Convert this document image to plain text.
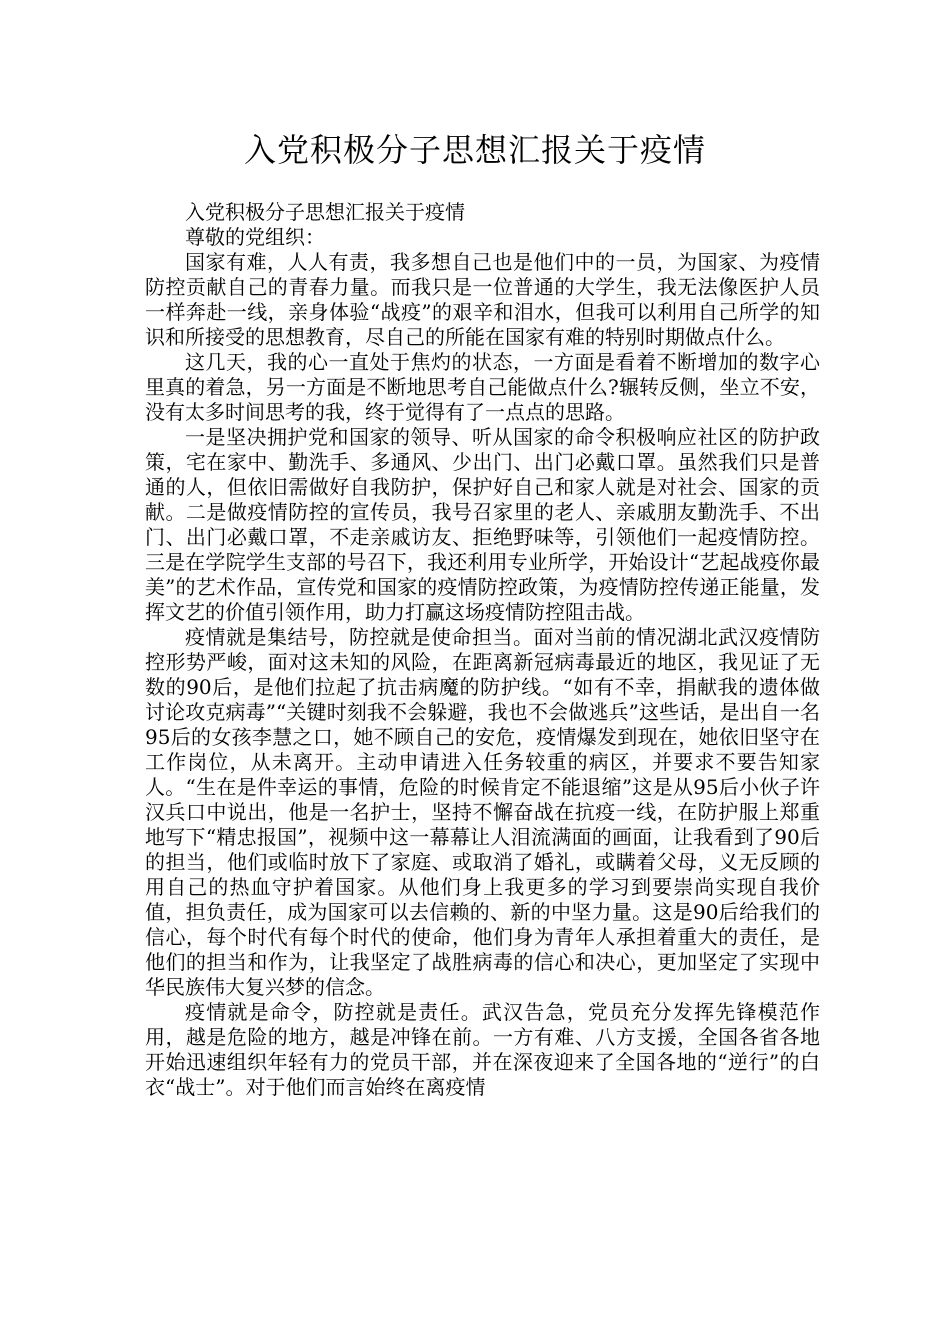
入党积极分子思想汇报关于疫情

入党积极分子思想汇报关于疫情

尊敬的党组织：

国家有难，人人有责，我多想自己也是他们中的一员，为国家、为疫情防控贡献自己的青春力量。而我只是一位普通的大学生，我无法像医护人员一样奔赴一线，亲身体验“战疫”的艰辛和泪水，但我可以利用自己所学的知识和所接受的思想教育，尽自己的所能在国家有难的特别时期做点什么。

这几天，我的心一直处于焦灼的状态，一方面是看着不断增加的数字心里真的着急，另一方面是不断地思考自己能做点什么?辗转反侧，坐立不安，没有太多时间思考的我，终于觉得有了一点点的思路。

一是坚决拥护党和国家的领导、听从国家的命令积极响应社区的防护政策，宅在家中、勤洗手、多通风、少出门、出门必戴口罩。虽然我们只是普通的人，但依旧需做好自我防护，保护好自己和家人就是对社会、国家的贡献。二是做疫情防控的宣传员，我号召家里的老人、亲戚朋友勤洗手、不出门、出门必戴口罩，不走亲戚访友、拒绝野味等，引领他们一起疫情防控。三是在学院学生支部的号召下，我还利用专业所学，开始设计“艺起战疫你最美”的艺术作品，宣传党和国家的疫情防控政策，为疫情防控传递正能量，发挥文艺的价值引领作用，助力打赢这场疫情防控阻击战。

疫情就是集结号，防控就是使命担当。面对当前的情况湖北武汉疫情防控形势严峻，面对这未知的风险，在距离新冠病毒最近的地区，我见证了无数的90后，是他们拉起了抗击病魔的防护线。“如有不幸，捐献我的遗体做讨论攻克病毒”“关键时刻我不会躲避，我也不会做逃兵”这些话，是出自一名95后的女孩李慧之口，她不顾自己的安危，疫情爆发到现在，她依旧坚守在工作岗位，从未离开。主动申请进入任务较重的病区，并要求不要告知家人。“生在是件幸运的事情，危险的时候肯定不能退缩”这是从95后小伙子许汉兵口中说出，他是一名护士，坚持不懈奋战在抗疫一线，在防护服上郑重地写下“精忠报国”，视频中这一幕幕让人泪流满面的画面，让我看到了90后的担当，他们或临时放下了家庭、或取消了婚礼，或瞒着父母，义无反顾的用自己的热血守护着国家。从他们身上我更多的学习到要崇尚实现自我价值，担负责任，成为国家可以去信赖的、新的中坚力量。这是90后给我们的信心，每个时代有每个时代的使命，他们身为青年人承担着重大的责任，是他们的担当和作为，让我坚定了战胜病毒的信心和决心，更加坚定了实现中华民族伟大复兴梦的信念。

疫情就是命令，防控就是责任。武汉告急，党员充分发挥先锋模范作用，越是危险的地方，越是冲锋在前。一方有难、八方支援，全国各省各地开始迅速组织年轻有力的党员干部，并在深夜迎来了全国各地的“逆行”的白衣“战士”。对于他们而言始终在离疫情
